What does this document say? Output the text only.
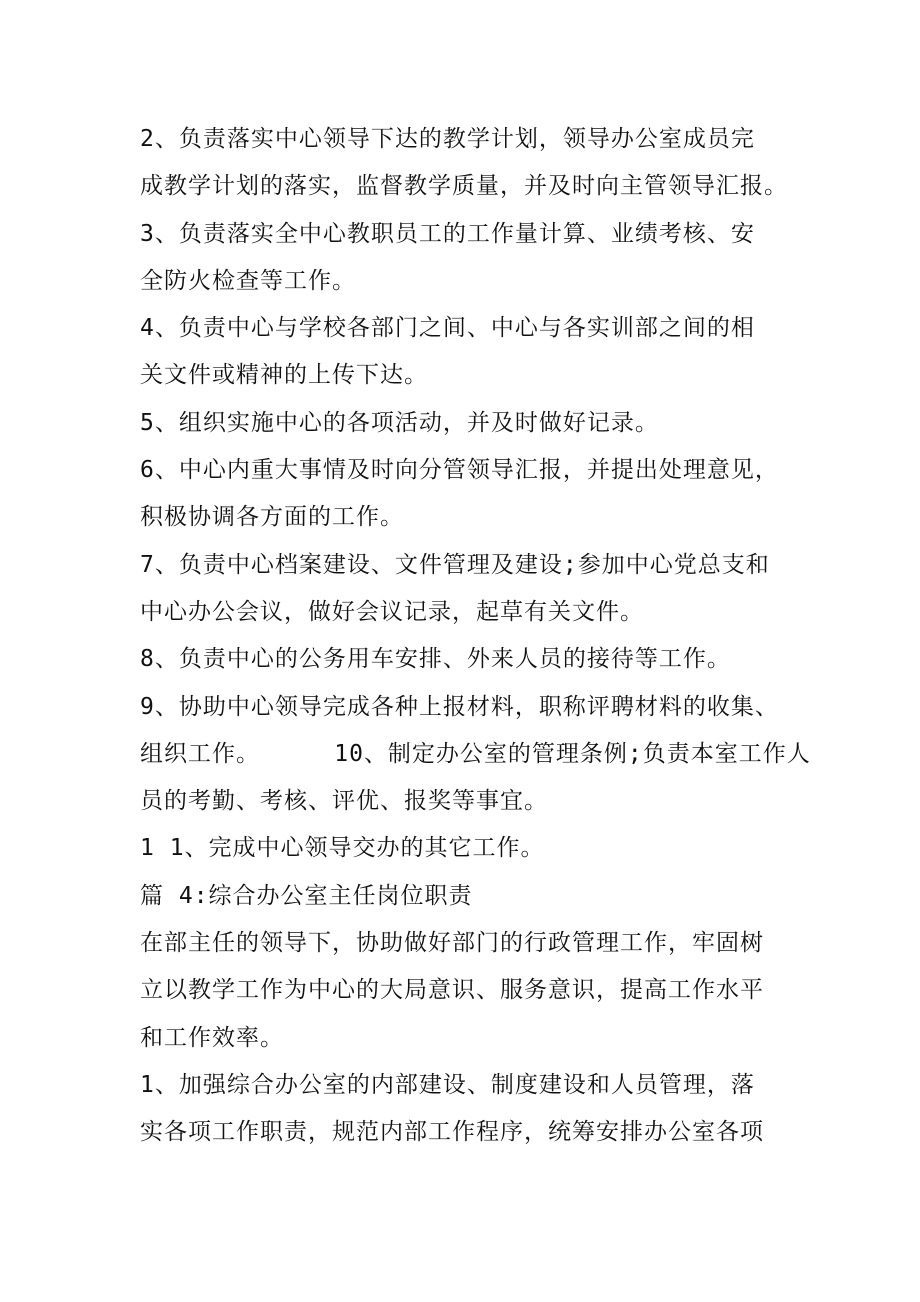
2、负责落实中心领导下达的教学计划，领导办公室成员完
成教学计划的落实，监督教学质量，并及时向主管领导汇报。
3、负责落实全中心教职员工的工作量计算、业绩考核、安
全防火检查等工作。
4、负责中心与学校各部门之间、中心与各实训部之间的相
关文件或精神的上传下达。
5、组织实施中心的各项活动，并及时做好记录。
6、中心内重大事情及时向分管领导汇报，并提出处理意见，
积极协调各方面的工作。
7、负责中心档案建设、文件管理及建设;参加中心党总支和
中心办公会议，做好会议记录，起草有关文件。
8、负责中心的公务用车安排、外来人员的接待等工作。
9、协助中心领导完成各种上报材料，职称评聘材料的收集、
组织工作。     10、制定办公室的管理条例;负责本室工作人
员的考勤、考核、评优、报奖等事宜。
1 1、完成中心领导交办的其它工作。
篇 4:综合办公室主任岗位职责
在部主任的领导下，协助做好部门的行政管理工作，牢固树
立以教学工作为中心的大局意识、服务意识，提高工作水平
和工作效率。
1、加强综合办公室的内部建设、制度建设和人员管理，落
实各项工作职责，规范内部工作程序，统筹安排办公室各项
